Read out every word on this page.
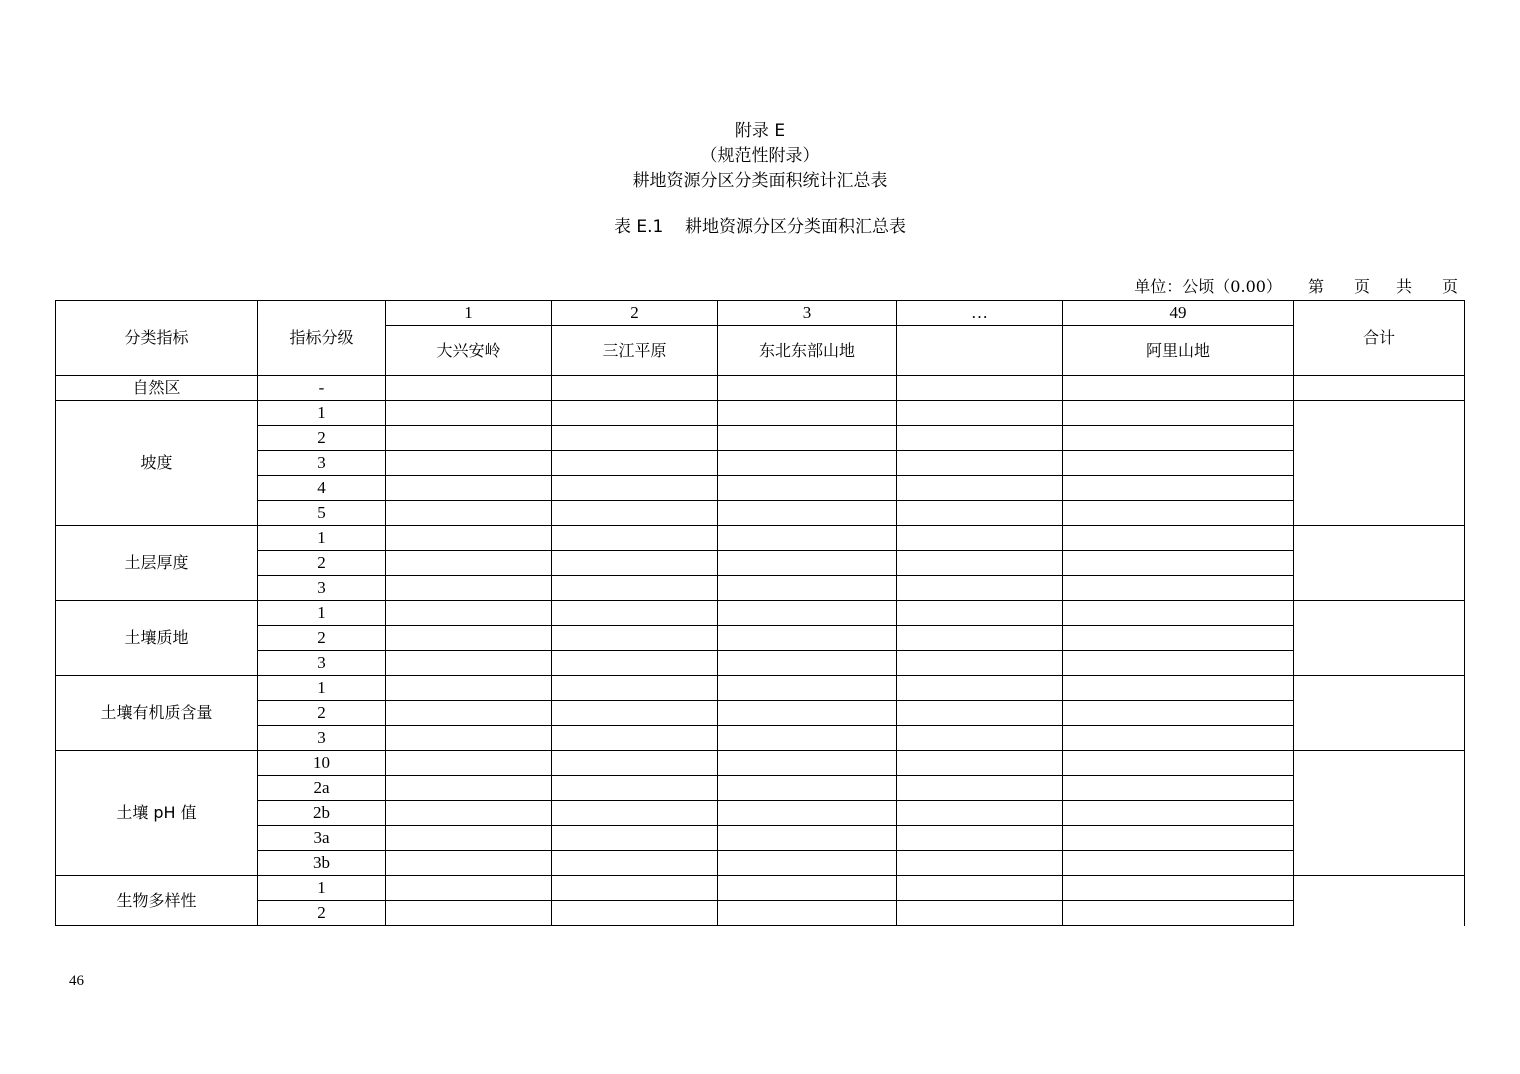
附录 E
（规范性附录）
耕地资源分区分类面积统计汇总表
表 E.1    耕地资源分区分类面积汇总表
单位：公顷（0.00） 第 页 共 页
分类指标	指标分级	1	2	3	…	49	合计
		大兴安岭	三江平原	东北东部山地		阿里山地	
自然区	-						
坡度	1						
	2						
	3						
	4						
	5						
土层厚度	1						
	2						
	3						
土壤质地	1						
	2						
	3						
土壤有机质含量	1						
	2						
	3						
土壤 pH 值	10						
	2a						
	2b						
	3a						
	3b						
生物多样性	1						
	2						
46
